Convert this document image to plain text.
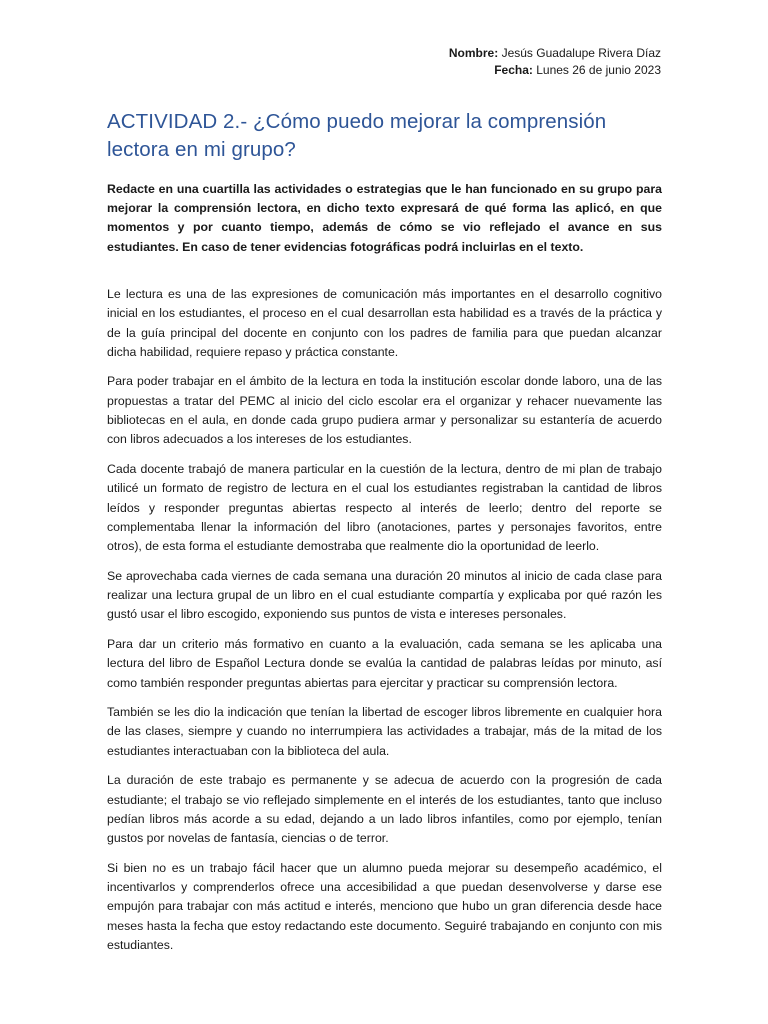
Nombre: Jesús Guadalupe Rivera Díaz
Fecha: Lunes 26 de junio 2023
ACTIVIDAD 2.- ¿Cómo puedo mejorar la comprensión lectora en mi grupo?

Redacte en una cuartilla las actividades o estrategias que le han funcionado en su grupo para mejorar la comprensión lectora, en dicho texto expresará de qué forma las aplicó, en que momentos y por cuanto tiempo, además de cómo se vio reflejado el avance en sus estudiantes. En caso de tener evidencias fotográficas podrá incluirlas en el texto.

Le lectura es una de las expresiones de comunicación más importantes en el desarrollo cognitivo inicial en los estudiantes, el proceso en el cual desarrollan esta habilidad es a través de la práctica y de la guía principal del docente en conjunto con los padres de familia para que puedan alcanzar dicha habilidad, requiere repaso y práctica constante.

Para poder trabajar en el ámbito de la lectura en toda la institución escolar donde laboro, una de las propuestas a tratar del PEMC al inicio del ciclo escolar era el organizar y rehacer nuevamente las bibliotecas en el aula, en donde cada grupo pudiera armar y personalizar su estantería de acuerdo con libros adecuados a los intereses de los estudiantes.

Cada docente trabajó de manera particular en la cuestión de la lectura, dentro de mi plan de trabajo utilicé un formato de registro de lectura en el cual los estudiantes registraban la cantidad de libros leídos y responder preguntas abiertas respecto al interés de leerlo; dentro del reporte se complementaba llenar la información del libro (anotaciones, partes y personajes favoritos, entre otros), de esta forma el estudiante demostraba que realmente dio la oportunidad de leerlo.

Se aprovechaba cada viernes de cada semana una duración 20 minutos al inicio de cada clase para realizar una lectura grupal de un libro en el cual estudiante compartía y explicaba por qué razón les gustó usar el libro escogido, exponiendo sus puntos de vista e intereses personales.

Para dar un criterio más formativo en cuanto a la evaluación, cada semana se les aplicaba una lectura del libro de Español Lectura donde se evalúa la cantidad de palabras leídas por minuto, así como también responder preguntas abiertas para ejercitar y practicar su comprensión lectora.

También se les dio la indicación que tenían la libertad de escoger libros libremente en cualquier hora de las clases, siempre y cuando no interrumpiera las actividades a trabajar, más de la mitad de los estudiantes interactuaban con la biblioteca del aula.

La duración de este trabajo es permanente y se adecua de acuerdo con la progresión de cada estudiante; el trabajo se vio reflejado simplemente en el interés de los estudiantes, tanto que incluso pedían libros más acorde a su edad, dejando a un lado libros infantiles, como por ejemplo, tenían gustos por novelas de fantasía, ciencias o de terror.

Si bien no es un trabajo fácil hacer que un alumno pueda mejorar su desempeño académico, el incentivarlos y comprenderlos ofrece una accesibilidad a que puedan desenvolverse y darse ese empujón para trabajar con más actitud e interés, menciono que hubo un gran diferencia desde hace meses hasta la fecha que estoy redactando este documento. Seguiré trabajando en conjunto con mis estudiantes.
